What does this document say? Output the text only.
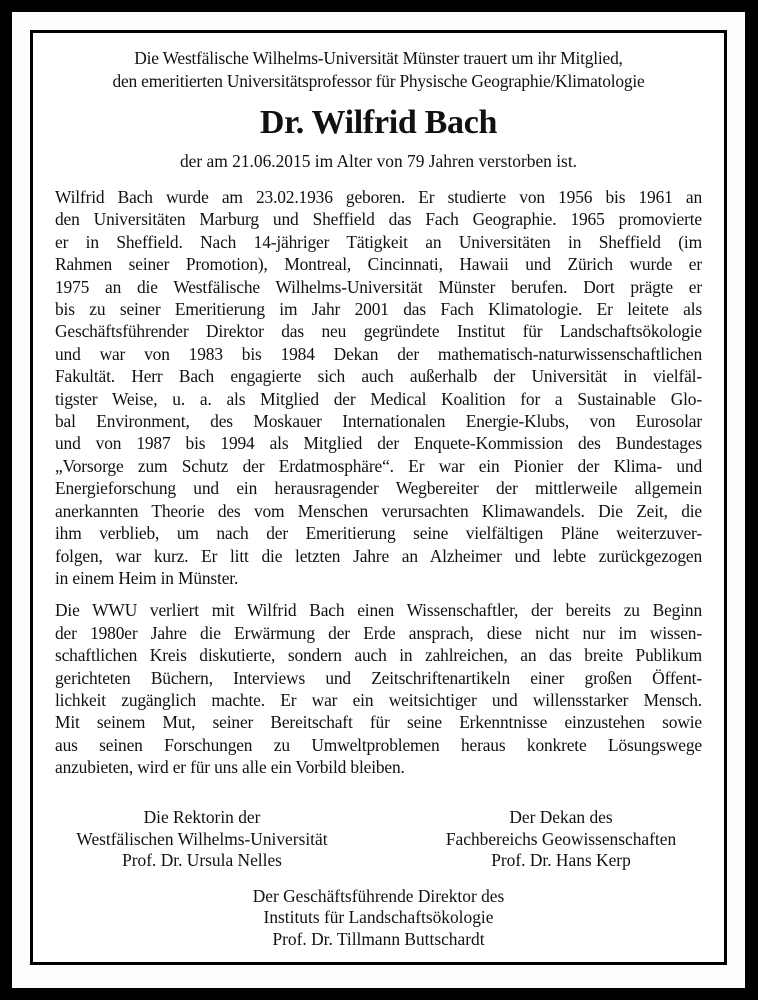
Die Westfälische Wilhelms-Universität Münster trauert um ihr Mitglied,
den emeritierten Universitätsprofessor für Physische Geographie/Klimatologie
Dr. Wilfrid Bach
der am 21.06.2015 im Alter von 79 Jahren verstorben ist.

Wilfrid Bach wurde am 23.02.1936 geboren. Er studierte von 1956 bis 1961 an
den Universitäten Marburg und Sheffield das Fach Geographie. 1965 promovierte
er in Sheffield. Nach 14-jähriger Tätigkeit an Universitäten in Sheffield (im
Rahmen seiner Promotion), Montreal, Cincinnati, Hawaii und Zürich wurde er
1975 an die Westfälische Wilhelms-Universität Münster berufen. Dort prägte er
bis zu seiner Emeritierung im Jahr 2001 das Fach Klimatologie. Er leitete als
Geschäftsführender Direktor das neu gegründete Institut für Landschaftsökologie
und war von 1983 bis 1984 Dekan der mathematisch-naturwissenschaftlichen
Fakultät. Herr Bach engagierte sich auch außerhalb der Universität in vielfäl-
tigster Weise, u. a. als Mitglied der Medical Koalition for a Sustainable Glo-
bal Environment, des Moskauer Internationalen Energie-Klubs, von Eurosolar
und von 1987 bis 1994 als Mitglied der Enquete-Kommission des Bundestages
„Vorsorge zum Schutz der Erdatmosphäre“. Er war ein Pionier der Klima- und
Energieforschung und ein herausragender Wegbereiter der mittlerweile allgemein
anerkannten Theorie des vom Menschen verursachten Klimawandels. Die Zeit, die
ihm verblieb, um nach der Emeritierung seine vielfältigen Pläne weiterzuver-
folgen, war kurz. Er litt die letzten Jahre an Alzheimer und lebte zurückgezogen
in einem Heim in Münster.

Die WWU verliert mit Wilfrid Bach einen Wissenschaftler, der bereits zu Beginn
der 1980er Jahre die Erwärmung der Erde ansprach, diese nicht nur im wissen-
schaftlichen Kreis diskutierte, sondern auch in zahlreichen, an das breite Publikum
gerichteten Büchern, Interviews und Zeitschriftenartikeln einer großen Öffent-
lichkeit zugänglich machte. Er war ein weitsichtiger und willensstarker Mensch.
Mit seinem Mut, seiner Bereitschaft für seine Erkenntnisse einzustehen sowie
aus seinen Forschungen zu Umweltproblemen heraus konkrete Lösungswege
anzubieten, wird er für uns alle ein Vorbild bleiben.

Die Rektorin der
Westfälischen Wilhelms-Universität
Prof. Dr. Ursula Nelles
Der Dekan des
Fachbereichs Geowissenschaften
Prof. Dr. Hans Kerp
Der Geschäftsführende Direktor des
Instituts für Landschaftsökologie
Prof. Dr. Tillmann Buttschardt
